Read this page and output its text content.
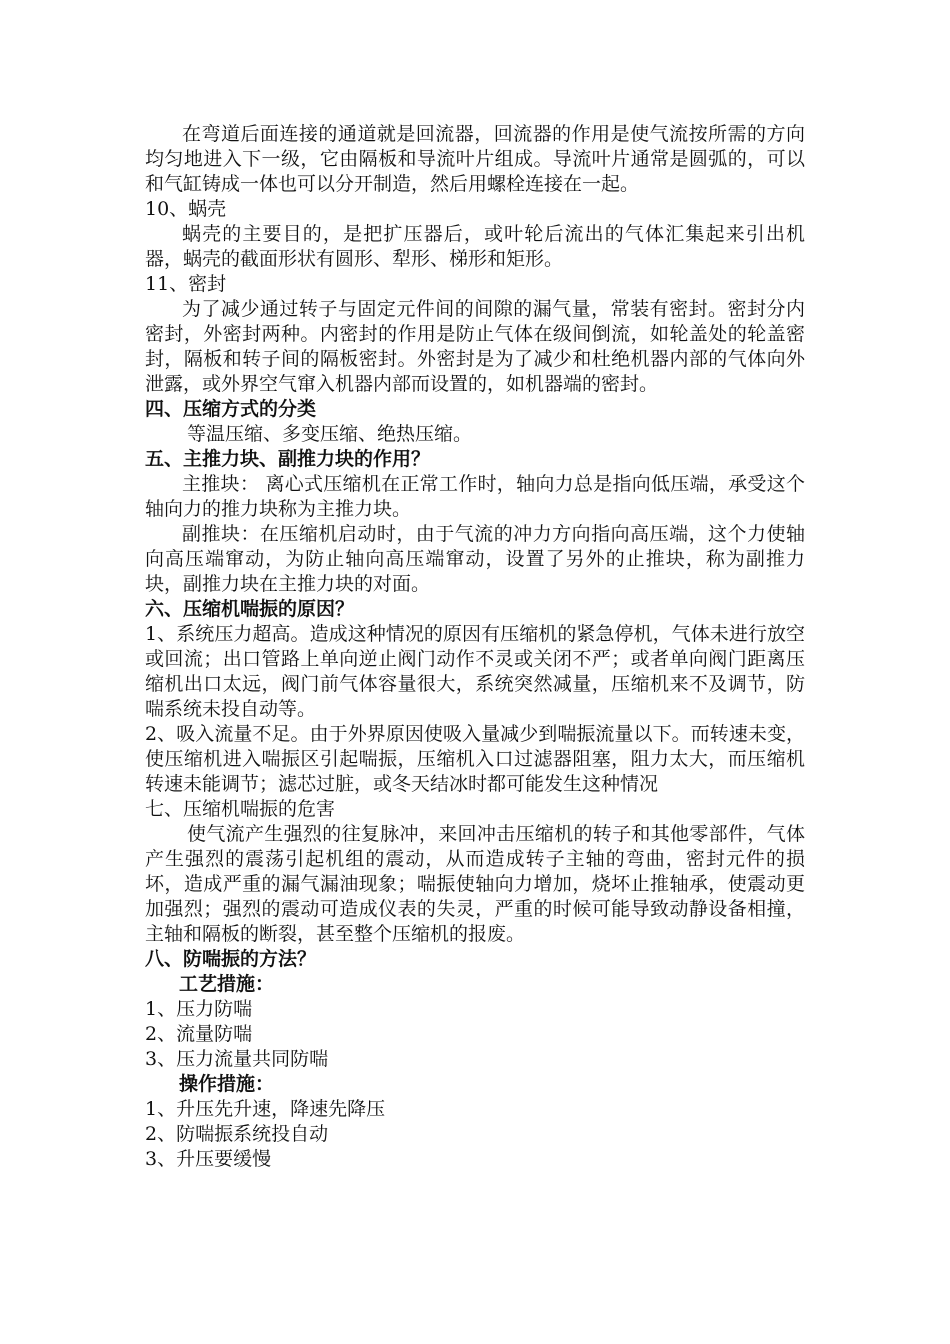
在弯道后面连接的通道就是回流器，回流器的作用是使气流按所需的方向均匀地进入下一级，它由隔板和导流叶片组成。导流叶片通常是圆弧的，可以和气缸铸成一体也可以分开制造，然后用螺栓连接在一起。

10、蜗壳

蜗壳的主要目的，是把扩压器后，或叶轮后流出的气体汇集起来引出机器，蜗壳的截面形状有圆形、犁形、梯形和矩形。

11、密封

为了减少通过转子与固定元件间的间隙的漏气量，常装有密封。密封分内密封，外密封两种。内密封的作用是防止气体在级间倒流，如轮盖处的轮盖密封，隔板和转子间的隔板密封。外密封是为了减少和杜绝机器内部的气体向外泄露，或外界空气窜入机器内部而设置的，如机器端的密封。

四、压缩方式的分类

等温压缩、多变压缩、绝热压缩。

五、主推力块、副推力块的作用？

主推块： 离心式压缩机在正常工作时，轴向力总是指向低压端，承受这个轴向力的推力块称为主推力块。

副推块：在压缩机启动时，由于气流的冲力方向指向高压端，这个力使轴向高压端窜动，为防止轴向高压端窜动，设置了另外的止推块，称为副推力块，副推力块在主推力块的对面。

六、压缩机喘振的原因？

1、系统压力超高。造成这种情况的原因有压缩机的紧急停机，气体未进行放空或回流；出口管路上单向逆止阀门动作不灵或关闭不严；或者单向阀门距离压缩机出口太远，阀门前气体容量很大，系统突然减量，压缩机来不及调节，防喘系统未投自动等。

2、吸入流量不足。由于外界原因使吸入量减少到喘振流量以下。而转速未变，使压缩机进入喘振区引起喘振，压缩机入口过滤器阻塞，阻力太大，而压缩机转速未能调节；滤芯过脏，或冬天结冰时都可能发生这种情况

七、压缩机喘振的危害

使气流产生强烈的往复脉冲，来回冲击压缩机的转子和其他零部件，气体产生强烈的震荡引起机组的震动，从而造成转子主轴的弯曲，密封元件的损坏，造成严重的漏气漏油现象；喘振使轴向力增加，烧坏止推轴承，使震动更加强烈；强烈的震动可造成仪表的失灵，严重的时候可能导致动静设备相撞，主轴和隔板的断裂，甚至整个压缩机的报废。

八、防喘振的方法？

工艺措施：

1、压力防喘

2、流量防喘

3、压力流量共同防喘

操作措施：

1、升压先升速，降速先降压

2、防喘振系统投自动

3、升压要缓慢
